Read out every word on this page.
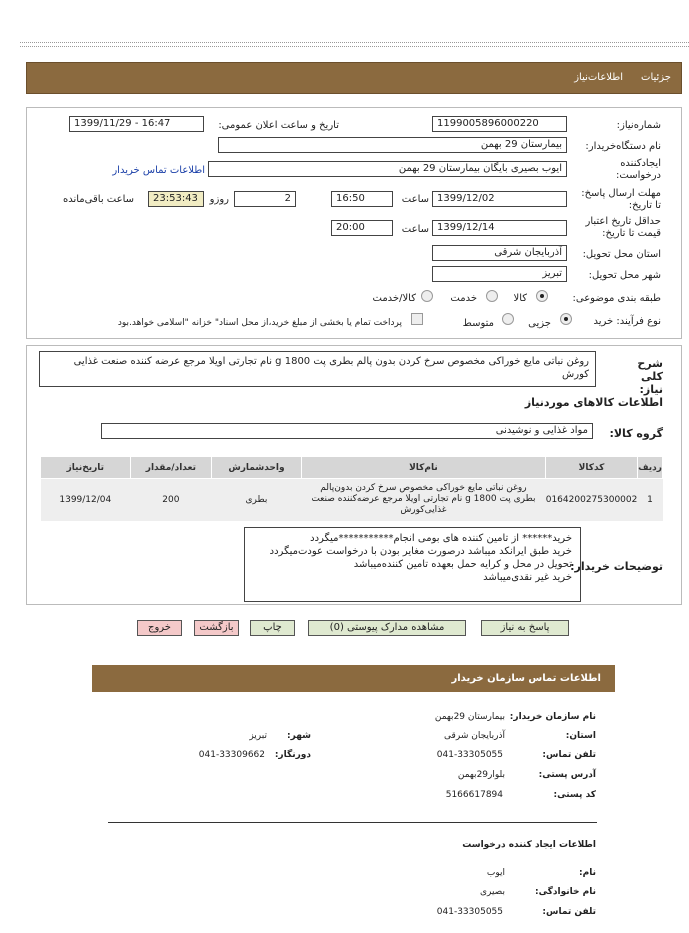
جزئیات
اطلاعات‌نیاز
شماره‌نیاز:
1199005896000220
تاریخ و ساعت اعلان عمومی:
1399/11/29 - 16:47
نام دستگاه‌خریدار:
بیمارستان 29 بهمن
ایجادکننده درخواست:
ایوب بصیری بایگان بیمارستان 29 بهمن
اطلاعات تماس خریدار
مهلت ارسال پاسخ: تا تاریخ:
1399/12/02
ساعت
16:50
2
روزو
23:53:43
ساعت باقی‌مانده
حداقل تاریخ اعتبار قیمت تا تاریخ:
1399/12/14
ساعت
20:00
استان محل تحویل:
آذربایجان شرقی
شهر محل تحویل:
تبریز
طبقه بندی موضوعی:
کالا
خدمت
کالا/خدمت
نوع فرآیند: خرید
جزیی
متوسط
پرداخت تمام یا بخشی از مبلغ خرید،از محل اسناد" خزانه "اسلامی خواهد.بود
شرح کلی نیاز:
روغن نباتی مایع خوراکی مخصوص سرخ کردن بدون پالم بطری پت 1800 g نام تجارتی اویلا مرجع عرضه کننده صنعت غذایی کورش
اطلاعات کالاهای موردنیاز
گروه کالا:
مواد غذایی و نوشیدنی
تاریخ‌نیاز	تعداد/مقدار	واحدشمارش	نام‌کالا	کدکالا	ردیف
1399/12/04	200	بطری	روغن نباتی مایع خوراکی مخصوص سرخ کردن بدون‌پالم بطری پت 1800 g نام تجارتی اویلا مرجع عرضه‌کننده صنعت غذایی‌کورش	0164200275300002	1
توضیحات خریدار:
خرید****** از تامین کننده های بومی انجام***********میگردد
خرید طبق ایرانکد میباشد درصورت مغایر بودن با درخواست عودت‌میگردد
تحویل در محل و کرایه حمل بعهده تامین کننده‌میباشد
خرید غیر نقدی‌میباشد
پاسخ به نیاز
مشاهده مدارک پیوستی (0)
چاپ
بازگشت
خروج
اطلاعات تماس سازمان خریدار
نام سازمان خریدار:
بیمارستان 29بهمن
استان:
آذربایجان شرقی
شهر:
تبریز
تلفن تماس:
041-33305055
دورنگار:
041-33309662
آدرس پستی:
بلوار29بهمن
کد پستی:
5166617894
اطلاعات ایجاد کننده درخواست
نام:
ایوب
نام خانوادگی:
بصیری
تلفن تماس:
041-33305055
